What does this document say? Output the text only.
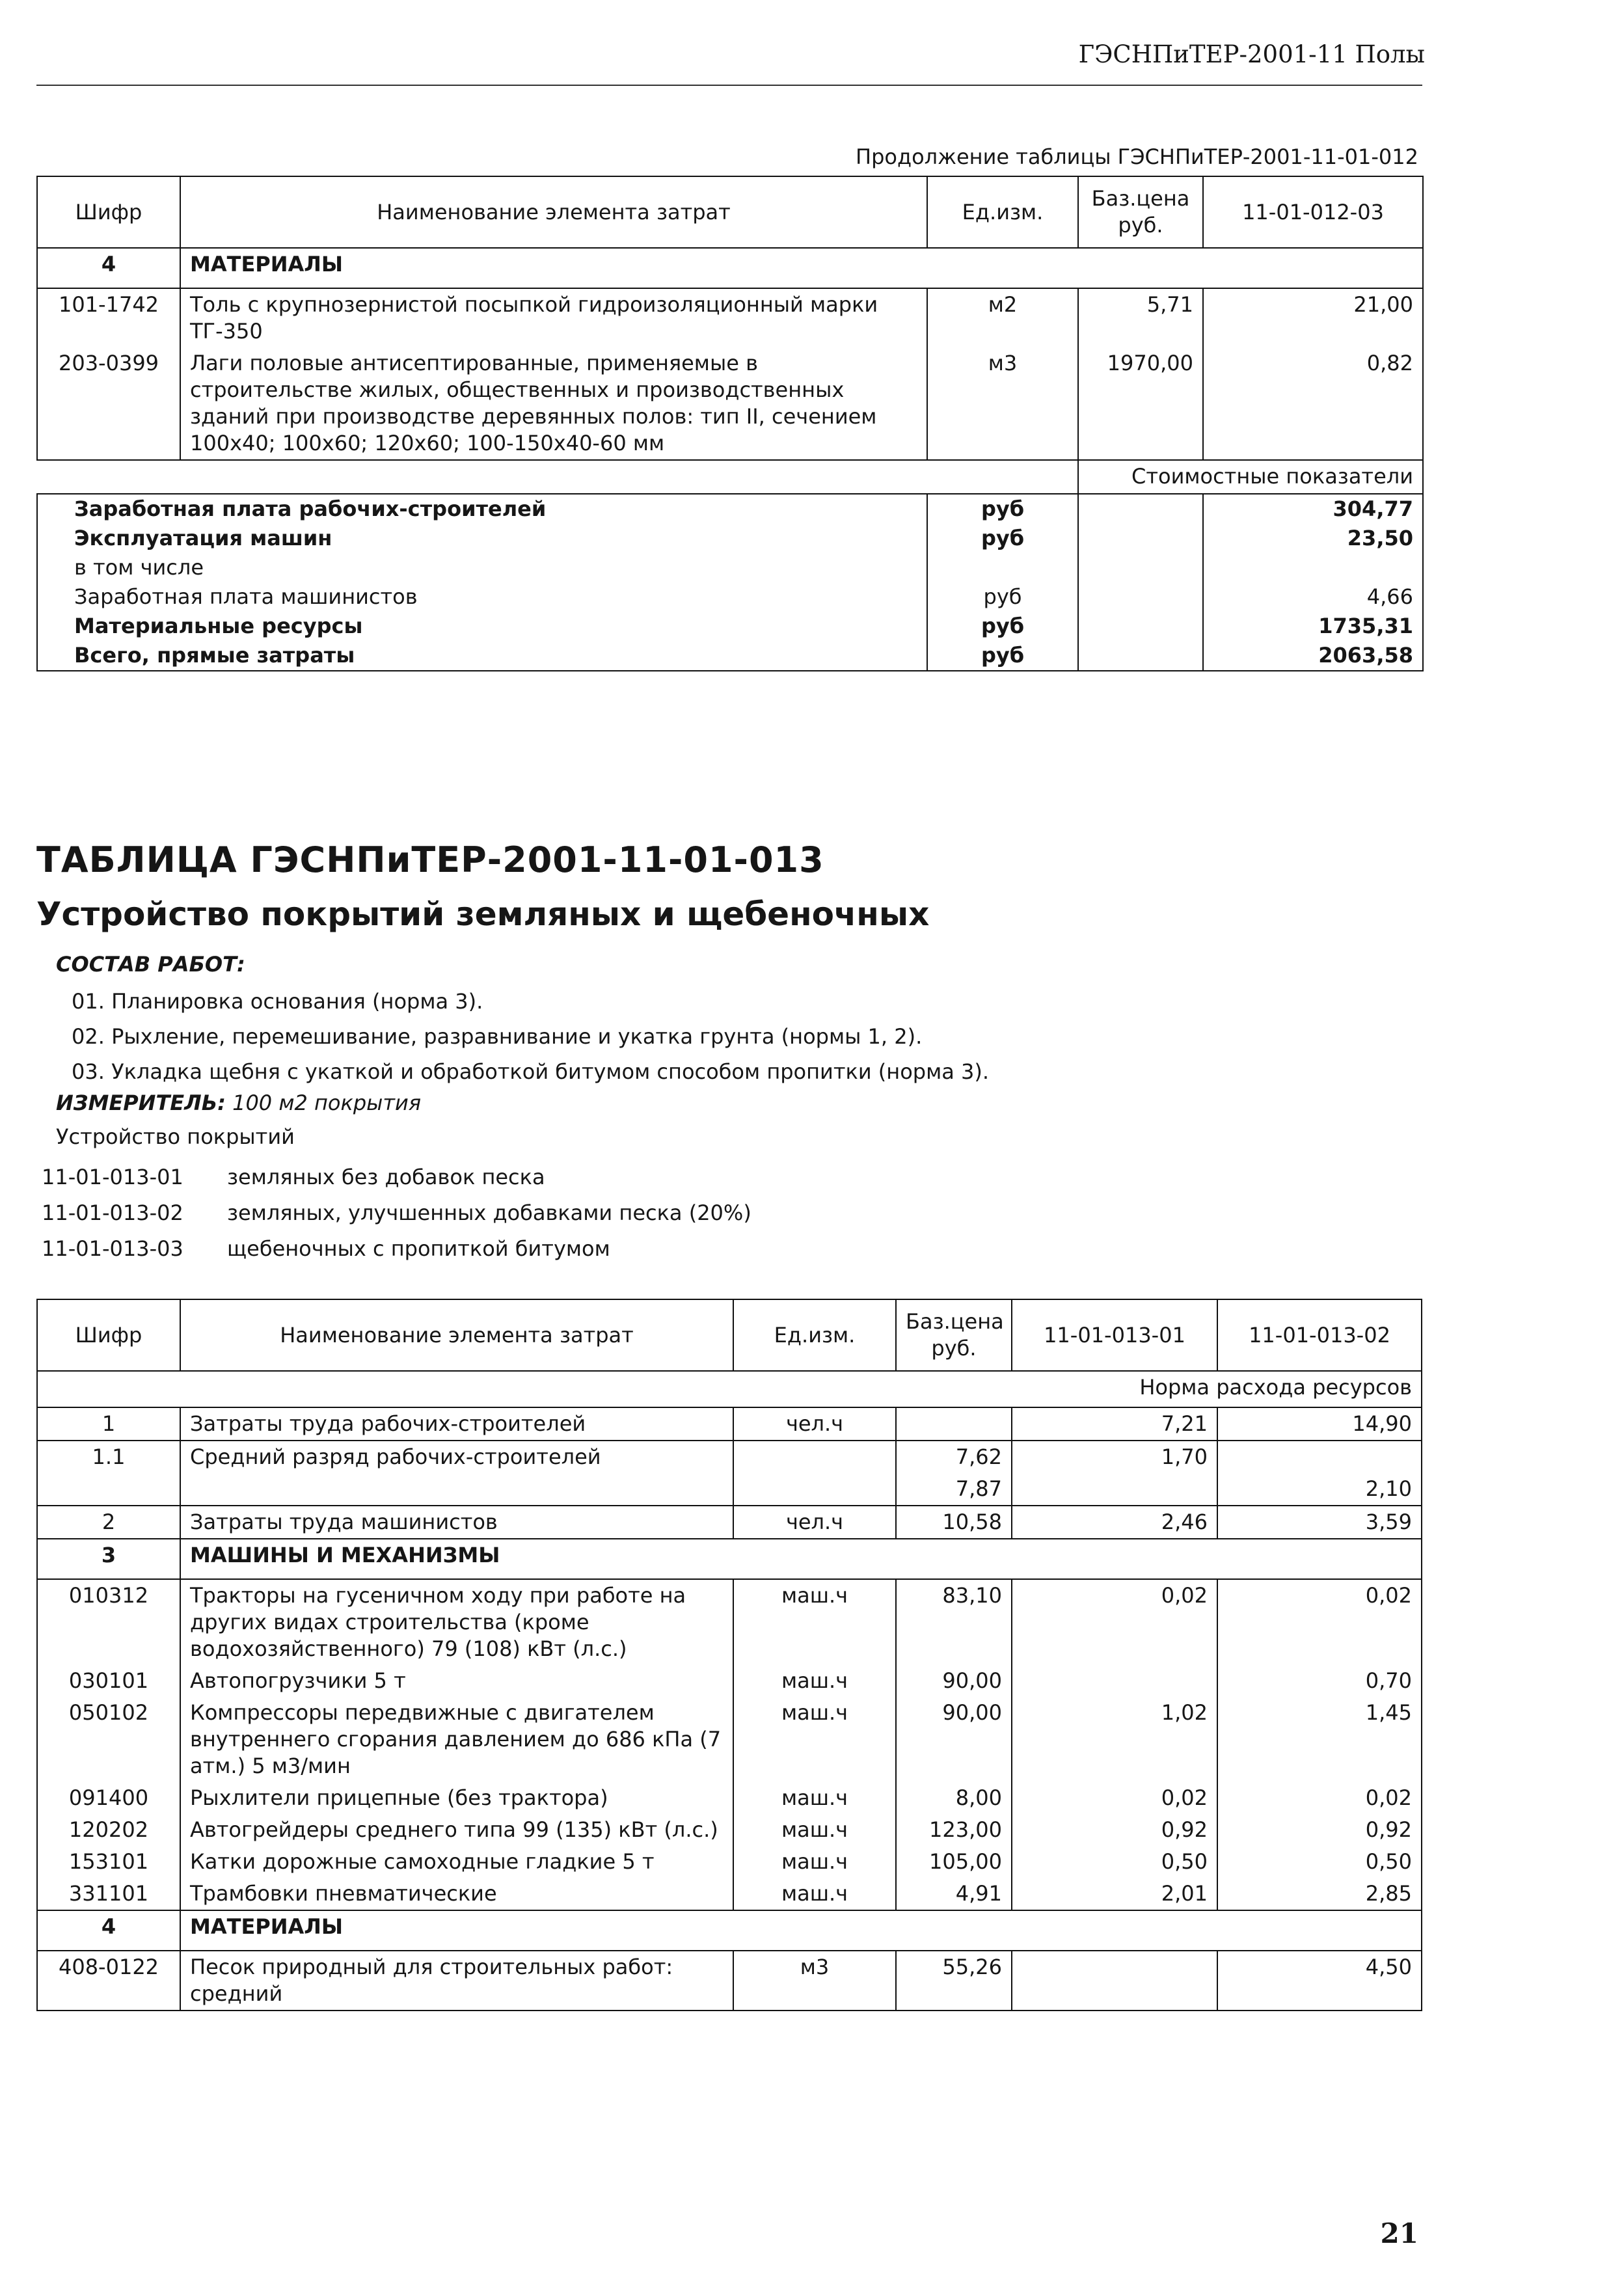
ГЭСНПиТЕР-2001-11 Полы
Продолжение таблицы ГЭСНПиТЕР-2001-11-01-012
Шифр	Наименование элемента затрат	Ед.изм.	Баз.цена руб.	11-01-012-03
4	МАТЕРИАЛЫ			
101-1742	Толь с крупнозернистой посыпкой гидроизоляционный марки ТГ-350	м2	5,71	21,00
203-0399	Лаги половые антисептированные, применяемые в строительстве жилых, общественных и производственных зданий при производстве деревянных полов: тип II, сечением 100х40; 100х60; 120х60; 100-150х40-60 мм	м3	1970,00	0,82
			Стоимостные показатели	
Заработная плата рабочих-строителей		руб		304,77
Эксплуатация машин		руб		23,50
в том числе				
Заработная плата машинистов		руб		4,66
Материальные ресурсы		руб		1735,31
Всего, прямые затраты		руб		2063,58
ТАБЛИЦА ГЭСНПиТЕР-2001-11-01-013
Устройство покрытий земляных и щебеночных
СОСТАВ РАБОТ:
01. Планировка основания (норма 3).
02. Рыхление, перемешивание, разравнивание и укатка грунта (нормы 1, 2).
03. Укладка щебня с укаткой и обработкой битумом способом пропитки (норма 3).
ИЗМЕРИТЕЛЬ: 100 м2 покрытия
Устройство покрытий
11-01-013-01 земляных без добавок песка
11-01-013-02 земляных, улучшенных добавками песка (20%)
11-01-013-03 щебеночных с пропиткой битумом
Шифр	Наименование элемента затрат	Ед.изм.	Баз.цена руб.	11-01-013-01	11-01-013-02
Норма расхода ресурсов					
1	Затраты труда рабочих-строителей	чел.ч		7,21	14,90
1.1	Средний разряд рабочих-строителей		7,62	1,70	
			7,87		2,10
2	Затраты труда машинистов	чел.ч	10,58	2,46	3,59
3	МАШИНЫ И МЕХАНИЗМЫ				
010312	Тракторы на гусеничном ходу при работе на других видах строительства (кроме водохозяйственного) 79 (108) кВт (л.с.)	маш.ч	83,10	0,02	0,02
030101	Автопогрузчики 5 т	маш.ч	90,00		0,70
050102	Компрессоры передвижные с двигателем внутреннего сгорания давлением до 686 кПа (7 атм.) 5 м3/мин	маш.ч	90,00	1,02	1,45
091400	Рыхлители прицепные (без трактора)	маш.ч	8,00	0,02	0,02
120202	Автогрейдеры среднего типа 99 (135) кВт (л.с.)	маш.ч	123,00	0,92	0,92
153101	Катки дорожные самоходные гладкие 5 т	маш.ч	105,00	0,50	0,50
331101	Трамбовки пневматические	маш.ч	4,91	2,01	2,85
4	МАТЕРИАЛЫ				
408-0122	Песок природный для строительных работ: средний	м3	55,26		4,50
21
